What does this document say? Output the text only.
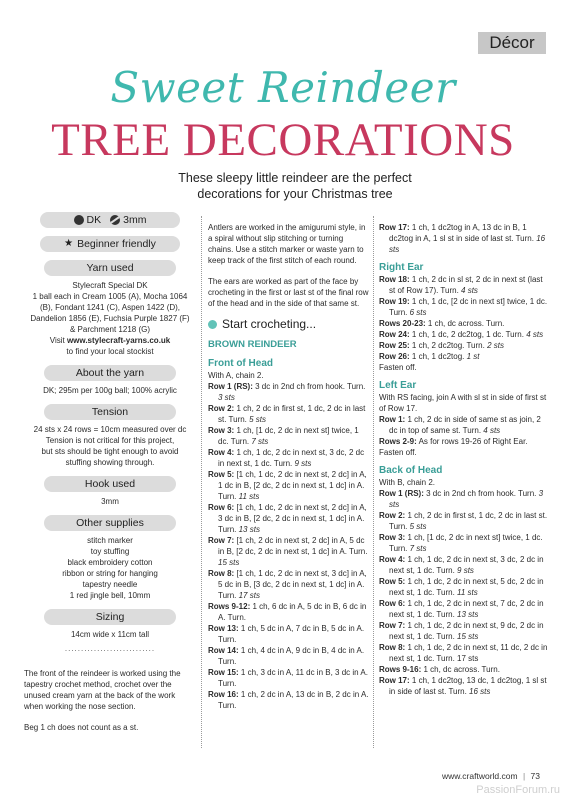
Décor
Sweet Reindeer
TREE DECORATIONS
These sleepy little reindeer are the perfect decorations for your Christmas tree
DK 3mm
★ Beginner friendly
Yarn used
Stylecraft Special DK
1 ball each in Cream 1005 (A), Mocha 1064
(B), Fondant 1241 (C), Aspen 1422 (D),
Dandelion 1856 (E), Fuchsia Purple 1827 (F)
& Parchment 1218 (G)
Visit www.stylecraft-yarns.co.uk
to find your local stockist
About the yarn
DK; 295m per 100g ball; 100% acrylic
Tension
24 sts x 24 rows = 10cm measured over dc
Tension is not critical for this project,
but sts should be tight enough to avoid
stuffing showing through.
Hook used
3mm
Other supplies
stitch marker
toy stuffing
black embroidery cotton
ribbon or string for hanging
tapestry needle
1 red jingle bell, 10mm
Sizing
14cm wide x 11cm tall
............................
The front of the reindeer is worked using the tapestry crochet method, crochet over the unused cream yarn at the back of the work when working the nose section.
Beg 1 ch does not count as a st.
Antlers are worked in the amigurumi style, in a spiral without slip stitching or turning chains. Use a stitch marker or waste yarn to keep track of the first stitch of each round.
The ears are worked as part of the face by crocheting in the first or last st of the final row of the head and in the side of that same st.
Start crocheting...
BROWN REINDEER
Front of Head
With A, chain 2.
Row 1 (RS): 3 dc in 2nd ch from hook. Turn. 3 sts
Row 2: 1 ch, 2 dc in first st, 1 dc, 2 dc in last st. Turn. 5 sts
Row 3: 1 ch, [1 dc, 2 dc in next st] twice, 1 dc. Turn. 7 sts
Row 4: 1 ch, 1 dc, 2 dc in next st, 3 dc, 2 dc in next st, 1 dc. Turn. 9 sts
Row 5: [1 ch, 1 dc, 2 dc in next st, 2 dc] in A, 1 dc in B, [2 dc, 2 dc in next st, 1 dc] in A. Turn. 11 sts
Row 6: [1 ch, 1 dc, 2 dc in next st, 2 dc] in A, 3 dc in B, [2 dc, 2 dc in next st, 1 dc] in A. Turn. 13 sts
Row 7: [1 ch, 2 dc in next st, 2 dc] in A, 5 dc in B, [2 dc, 2 dc in next st, 1 dc] in A. Turn. 15 sts
Row 8: [1 ch, 1 dc, 2 dc in next st, 3 dc] in A, 5 dc in B, [3 dc, 2 dc in next st, 1 dc] in A. Turn. 17 sts
Rows 9-12: 1 ch, 6 dc in A, 5 dc in B, 6 dc in A. Turn.
Row 13: 1 ch, 5 dc in A, 7 dc in B, 5 dc in A. Turn.
Row 14: 1 ch, 4 dc in A, 9 dc in B, 4 dc in A. Turn.
Row 15: 1 ch, 3 dc in A, 11 dc in B, 3 dc in A. Turn.
Row 16: 1 ch, 2 dc in A, 13 dc in B, 2 dc in A. Turn.
Row 17: 1 ch, 1 dc2tog in A, 13 dc in B, 1 dc2tog in A, 1 sl st in side of last st. Turn. 16 sts
Right Ear
Row 18: 1 ch, 2 dc in sl st, 2 dc in next st (last st of Row 17). Turn. 4 sts
Row 19: 1 ch, 1 dc, [2 dc in next st] twice, 1 dc. Turn. 6 sts
Rows 20-23: 1 ch, dc across. Turn.
Row 24: 1 ch, 1 dc, 2 dc2tog, 1 dc. Turn. 4 sts
Row 25: 1 ch, 2 dc2tog. Turn. 2 sts
Row 26: 1 ch, 1 dc2tog. 1 st
Fasten off.
Left Ear
With RS facing, join A with sl st in side of first st of Row 17.
Row 1: 1 ch, 2 dc in side of same st as join, 2 dc in top of same st. Turn. 4 sts
Rows 2-9: As for rows 19-26 of Right Ear.
Fasten off.
Back of Head
With B, chain 2.
Row 1 (RS): 3 dc in 2nd ch from hook. Turn. 3 sts
Row 2: 1 ch, 2 dc in first st, 1 dc, 2 dc in last st. Turn. 5 sts
Row 3: 1 ch, [1 dc, 2 dc in next st] twice, 1 dc. Turn. 7 sts
Row 4: 1 ch, 1 dc, 2 dc in next st, 3 dc, 2 dc in next st, 1 dc. Turn. 9 sts
Row 5: 1 ch, 1 dc, 2 dc in next st, 5 dc, 2 dc in next st, 1 dc. Turn. 11 sts
Row 6: 1 ch, 1 dc, 2 dc in next st, 7 dc, 2 dc in next st, 1 dc. Turn. 13 sts
Row 7: 1 ch, 1 dc, 2 dc in next st, 9 dc, 2 dc in next st, 1 dc. Turn. 15 sts
Row 8: 1 ch, 1 dc, 2 dc in next st, 11 dc, 2 dc in next st, 1 dc. Turn. 17 sts
Rows 9-16: 1 ch, dc across. Turn.
Row 17: 1 ch, 1 dc2tog, 13 dc, 1 dc2tog, 1 sl st in side of last st. Turn. 16 sts
www.craftworld.com | 73
PassionForum.ru
